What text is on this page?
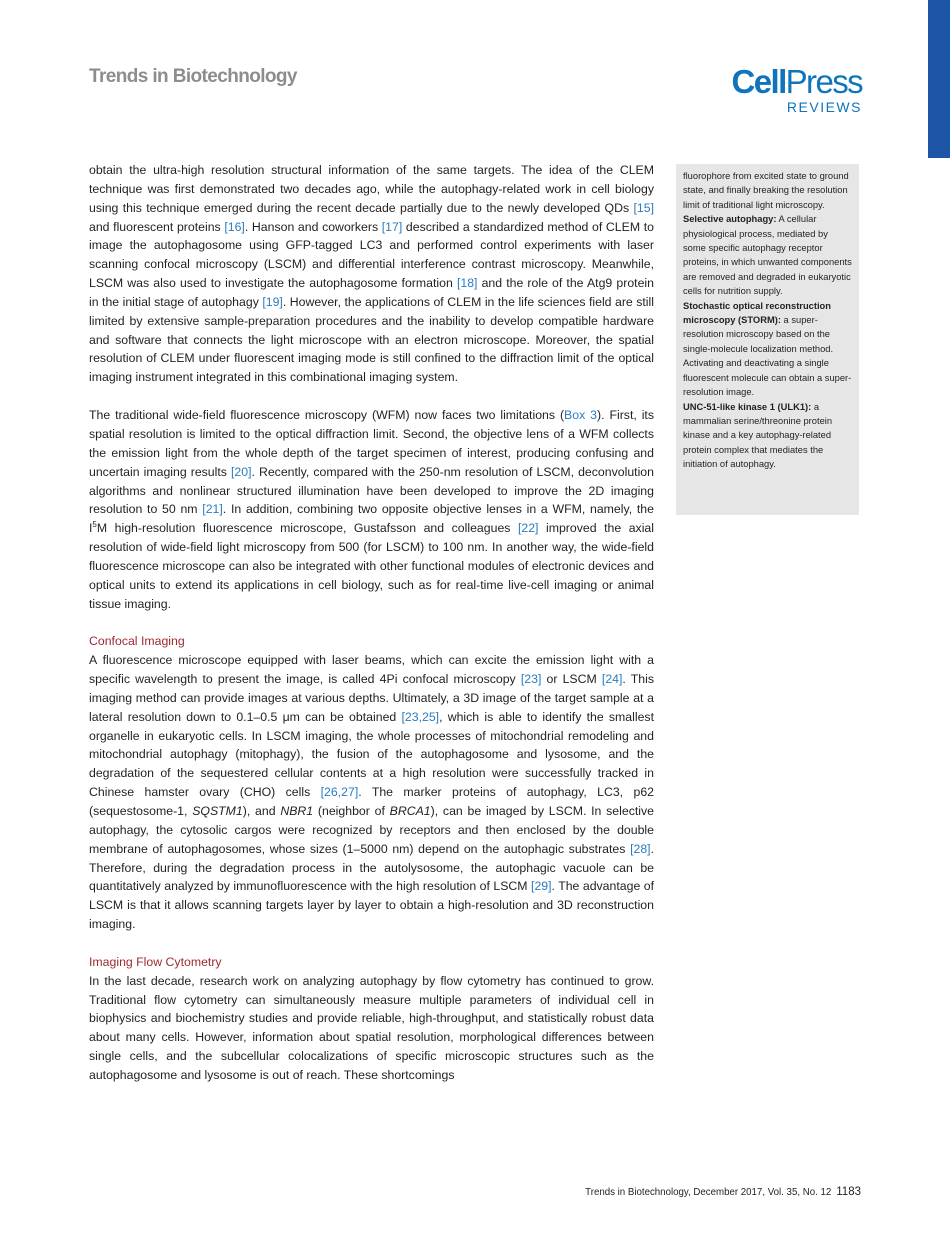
Trends in Biotechnology	CellPress
REVIEWS

obtain the ultra-high resolution structural information of the same targets. The idea of the CLEM technique was first demonstrated two decades ago, while the autophagy-related work in cell biology using this technique emerged during the recent decade partially due to the newly developed QDs [15] and fluorescent proteins [16]. Hanson and coworkers [17] described a standardized method of CLEM to image the autophagosome using GFP-tagged LC3 and performed control experiments with laser scanning confocal microscopy (LSCM) and differential interference contrast microscopy. Meanwhile, LSCM was also used to investigate the autophagosome formation [18] and the role of the Atg9 protein in the initial stage of autophagy [19]. However, the applications of CLEM in the life sciences field are still limited by extensive sample-preparation procedures and the inability to develop compatible hardware and software that connects the light microscope with an electron microscope. Moreover, the spatial resolution of CLEM under fluorescent imaging mode is still confined to the diffraction limit of the optical imaging instrument integrated in this combinational imaging system.

The traditional wide-field fluorescence microscopy (WFM) now faces two limitations (Box 3). First, its spatial resolution is limited to the optical diffraction limit. Second, the objective lens of a WFM collects the emission light from the whole depth of the target specimen of interest, producing confusing and uncertain imaging results [20]. Recently, compared with the 250-nm resolution of LSCM, deconvolution algorithms and nonlinear structured illumination have been developed to improve the 2D imaging resolution to 50 nm [21]. In addition, combining two opposite objective lenses in a WFM, namely, the $I^5M$ high-resolution fluorescence microscope, Gustafsson and colleagues [22] improved the axial resolution of wide-field light microscopy from 500 (for LSCM) to 100 nm. In another way, the wide-field fluorescence microscope can also be integrated with other functional modules of electronic devices and optical units to extend its applications in cell biology, such as for real-time live-cell imaging or animal tissue imaging.

Confocal Imaging

A fluorescence microscope equipped with laser beams, which can excite the emission light with a specific wavelength to present the image, is called 4Pi confocal microscopy [23] or LSCM [24]. This imaging method can provide images at various depths. Ultimately, a 3D image of the target sample at a lateral resolution down to 0.1–0.5 μm can be obtained [23,25], which is able to identify the smallest organelle in eukaryotic cells. In LSCM imaging, the whole processes of mitochondrial remodeling and mitochondrial autophagy (mitophagy), the fusion of the autophagosome and lysosome, and the degradation of the sequestered cellular contents at a high resolution were successfully tracked in Chinese hamster ovary (CHO) cells [26,27]. The marker proteins of autophagy, LC3, p62 (sequestosome-1, SQSTM1), and NBR1 (neighbor of BRCA1), can be imaged by LSCM. In selective autophagy, the cytosolic cargos were recognized by receptors and then enclosed by the double membrane of autophagosomes, whose sizes (1–5000 nm) depend on the autophagic substrates [28]. Therefore, during the degradation process in the autolysosome, the autophagic vacuole can be quantitatively analyzed by immunofluorescence with the high resolution of LSCM [29]. The advantage of LSCM is that it allows scanning targets layer by layer to obtain a high-resolution and 3D reconstruction imaging.

Imaging Flow Cytometry

In the last decade, research work on analyzing autophagy by flow cytometry has continued to grow. Traditional flow cytometry can simultaneously measure multiple parameters of individual cell in biophysics and biochemistry studies and provide reliable, high-throughput, and statistically robust data about many cells. However, information about spatial resolution, morphological differences between single cells, and the subcellular colocalizations of specific microscopic structures such as the autophagosome and lysosome is out of reach. These shortcomings

fluorophore from excited state to ground state, and finally breaking the resolution limit of traditional light microscopy.

Selective autophagy: A cellular physiological process, mediated by some specific autophagy receptor proteins, in which unwanted components are removed and degraded in eukaryotic cells for nutrition supply.

Stochastic optical reconstruction microscopy (STORM): a super-resolution microscopy based on the single-molecule localization method. Activating and deactivating a single fluorescent molecule can obtain a super-resolution image.

UNC-51-like kinase 1 (ULK1): a mammalian serine/threonine protein kinase and a key autophagy-related protein complex that mediates the initiation of autophagy.

Trends in Biotechnology, December 2017, Vol. 35, No. 12 1183
